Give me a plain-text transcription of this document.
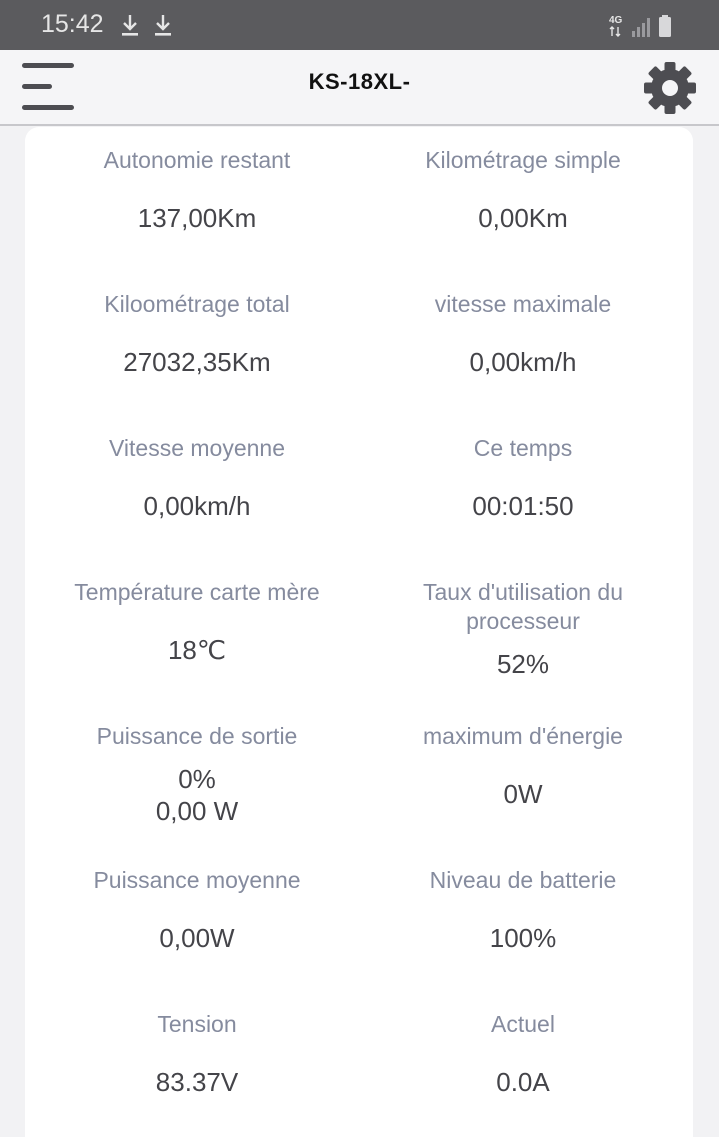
15:42	4G
KS-18XL-
Autonomie restant
137,00Km
Kilométrage simple
0,00Km
Kiloométrage total
27032,35Km
vitesse maximale
0,00km/h
Vitesse moyenne
0,00km/h
Ce temps
00:01:50
Température carte mère
18℃
Taux d'utilisation du
processeur
52%
Puissance de sortie
0%
0,00 W
maximum d'énergie
0W
Puissance moyenne
0,00W
Niveau de batterie
100%
Tension
83.37V
Actuel
0.0A
